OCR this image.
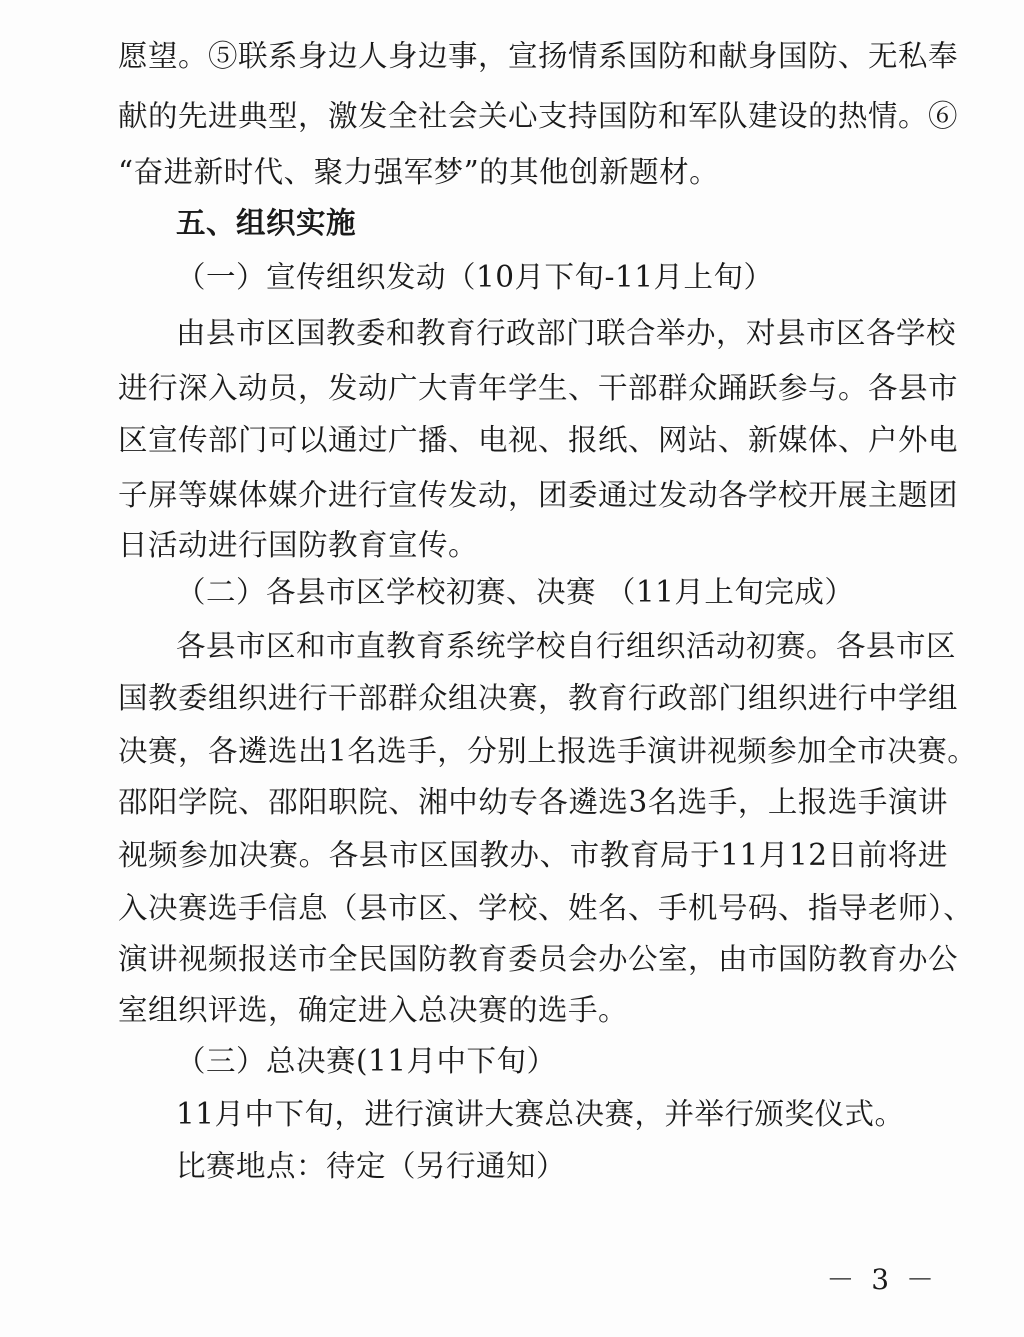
愿望。⑤联系身边人身边事，宣扬情系国防和献身国防、无私奉
献的先进典型，激发全社会关心支持国防和军队建设的热情。⑥
“奋进新时代、聚力强军梦”的其他创新题材。
五、组织实施
（一）宣传组织发动（10月下旬-11月上旬）
由县市区国教委和教育行政部门联合举办，对县市区各学校
进行深入动员，发动广大青年学生、干部群众踊跃参与。各县市
区宣传部门可以通过广播、电视、报纸、网站、新媒体、户外电
子屏等媒体媒介进行宣传发动，团委通过发动各学校开展主题团
日活动进行国防教育宣传。
（二）各县市区学校初赛、决赛 （11月上旬完成）
各县市区和市直教育系统学校自行组织活动初赛。各县市区
国教委组织进行干部群众组决赛，教育行政部门组织进行中学组
决赛，各遴选出1名选手，分别上报选手演讲视频参加全市决赛。
邵阳学院、邵阳职院、湘中幼专各遴选3名选手，上报选手演讲
视频参加决赛。各县市区国教办、市教育局于11月12日前将进
入决赛选手信息（县市区、学校、姓名、手机号码、指导老师）、
演讲视频报送市全民国防教育委员会办公室，由市国防教育办公
室组织评选，确定进入总决赛的选手。
（三）总决赛(11月中下旬）
11月中下旬，进行演讲大赛总决赛，并举行颁奖仪式。
比赛地点：待定（另行通知）
－ 3 －
